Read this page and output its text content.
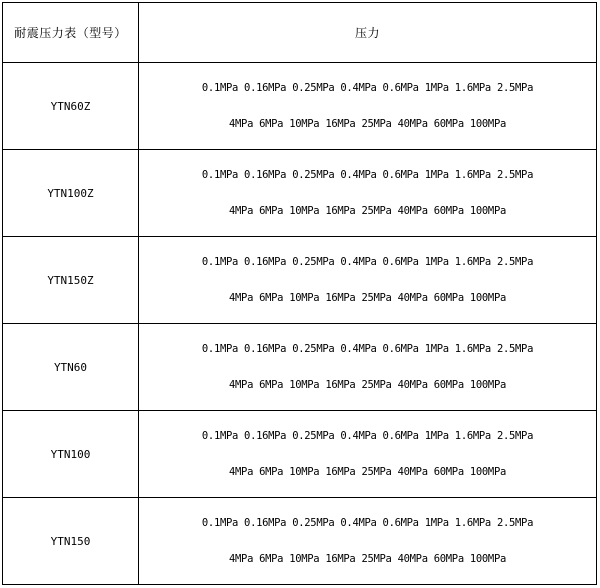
耐震压力表（型号）	压力
YTN60Z	0.1MPa 0.16MPa 0.25MPa 0.4MPa 0.6MPa 1MPa 1.6MPa 2.5MPa
4MPa 6MPa 10MPa 16MPa 25MPa 40MPa 60MPa 100MPa

YTN100Z	0.1MPa 0.16MPa 0.25MPa 0.4MPa 0.6MPa 1MPa 1.6MPa 2.5MPa
4MPa 6MPa 10MPa 16MPa 25MPa 40MPa 60MPa 100MPa

YTN150Z	0.1MPa 0.16MPa 0.25MPa 0.4MPa 0.6MPa 1MPa 1.6MPa 2.5MPa
4MPa 6MPa 10MPa 16MPa 25MPa 40MPa 60MPa 100MPa

YTN60	0.1MPa 0.16MPa 0.25MPa 0.4MPa 0.6MPa 1MPa 1.6MPa 2.5MPa
4MPa 6MPa 10MPa 16MPa 25MPa 40MPa 60MPa 100MPa

YTN100	0.1MPa 0.16MPa 0.25MPa 0.4MPa 0.6MPa 1MPa 1.6MPa 2.5MPa
4MPa 6MPa 10MPa 16MPa 25MPa 40MPa 60MPa 100MPa

YTN150	0.1MPa 0.16MPa 0.25MPa 0.4MPa 0.6MPa 1MPa 1.6MPa 2.5MPa
4MPa 6MPa 10MPa 16MPa 25MPa 40MPa 60MPa 100MPa
